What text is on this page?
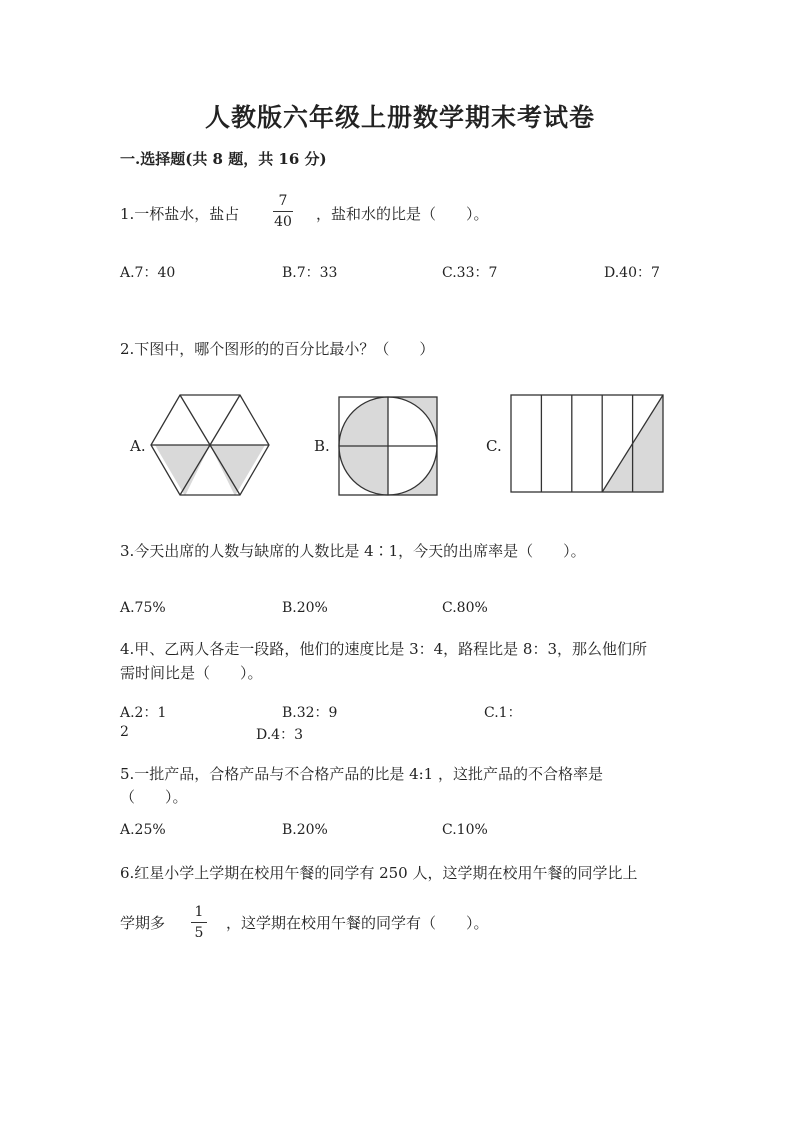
人教版六年级上册数学期末考试卷
一.选择题(共 8 题，共 16 分)
1.一杯盐水，盐占
7
40 ，盐和水的比是（　　）。
A.7：40	B.7：33	C.33：7	D.40：7
2.下图中，哪个图形的的百分比最小？（　　）
A.	B.	C.
3.今天出席的人数与缺席的人数比是 4∶1，今天的出席率是（　　）。
A.75%	B.20%	C.80%
4.甲、乙两人各走一段路，他们的速度比是 3：4，路程比是 8：3，那么他们所
需时间比是（　　）。
A.2：1	B.32：9	C.1：
2	D.4：3
5.一批产品，合格产品与不合格产品的比是 4:1 ，这批产品的不合格率是
（　　）。
A.25%	B.20%	C.10%
6.红星小学上学期在校用午餐的同学有 250 人，这学期在校用午餐的同学比上
学期多
1
5
，这学期在校用午餐的同学有（　　）。
